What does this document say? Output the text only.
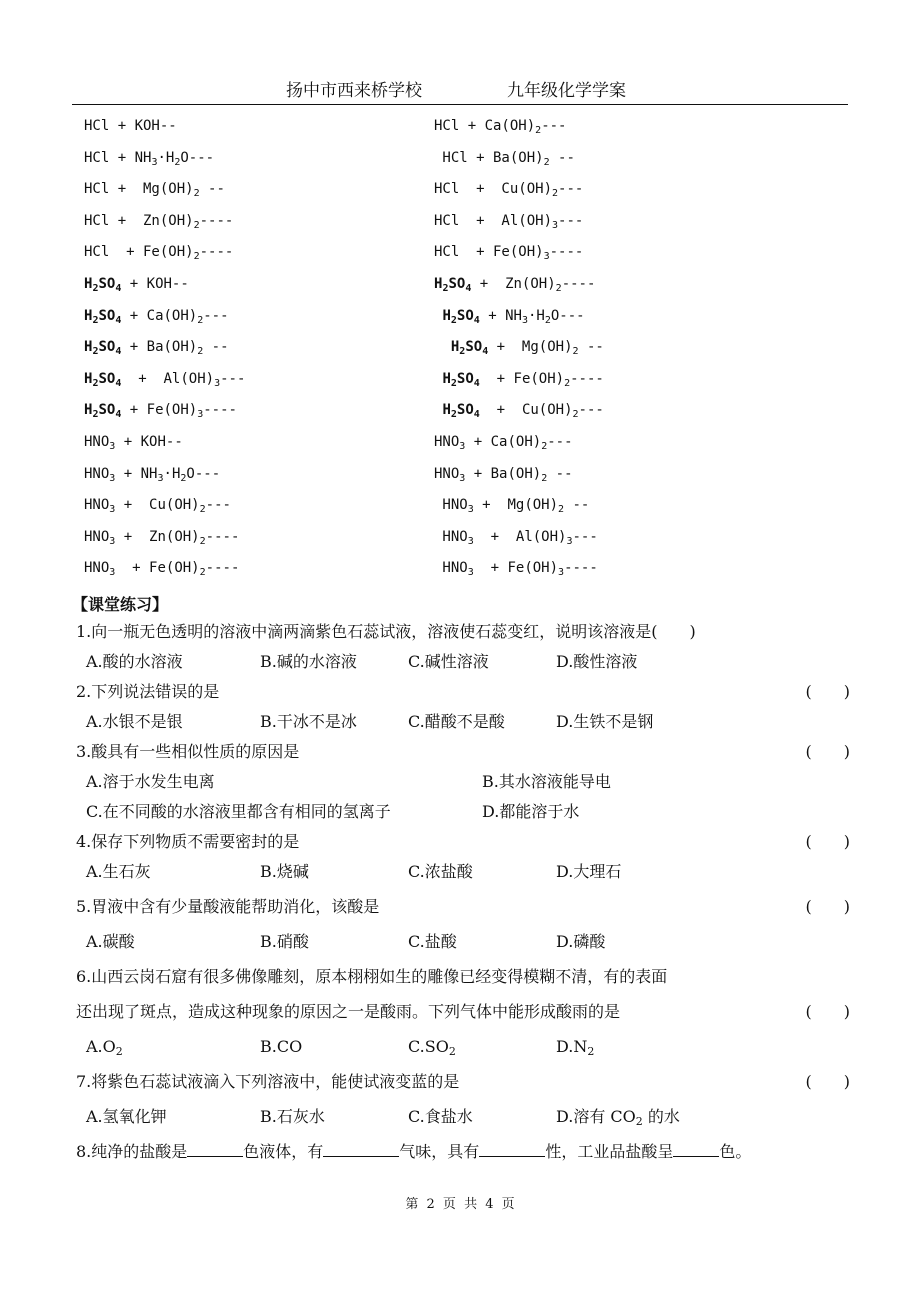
扬中市西来桥学校	九年级化学学案
HCl + KOH--	HCl + $Ca(OH)_2---$
HCl + $NH_3\cdot H_2O---$	HCl + $Ba(OH)_2$ --
HCl +  $Mg(OH)_2$ --	HCl  +  $Cu(OH)_2---$
HCl +  $Zn(OH)_2----$	HCl  +  $Al(OH)_3---$
HCl  + $Fe(OH)_2----$	HCl  + $Fe(OH)_3----$
$H_2SO_4 + KOH--$	$H_2SO_4 + Zn(OH)_2----$
$H_2SO_4 + Ca(OH)_2---$	$H_2SO_4 + NH_3\cdot H_2O---$
$H_2SO_4 + Ba(OH)_2$ --	$H_2SO_4 + Mg(OH)_2$ --
$H_2SO_4 + Al(OH)_3---$	$H_2SO_4 + Fe(OH)_2----$
$H_2SO_4 + Fe(OH)_3----$	$H_2SO_4 + Cu(OH)_2---$
$HNO_3 + KOH--$	$HNO_3 + Ca(OH)_2---$
$HNO_3 + NH_3\cdot H_2O---$	$HNO_3 + Ba(OH)_2$ --
$HNO_3 + Cu(OH)_2---$	$HNO_3 + Mg(OH)_2$ --
$HNO_3 + Zn(OH)_2----$	$HNO_3 + Al(OH)_3---$
$HNO_3 + Fe(OH)_2----$	$HNO_3 + Fe(OH)_3----$
【课堂练习】
1.向一瓶无色透明的溶液中滴两滴紫色石蕊试液，溶液使石蕊变红，说明该溶液是(　　)
A.酸的水溶液	B.碱的水溶液	C.碱性溶液	D.酸性溶液
2.下列说法错误的是	(　　)
A.水银不是银	B.干冰不是冰	C.醋酸不是酸	D.生铁不是钢
3.酸具有一些相似性质的原因是	(　　)
A.溶于水发生电离	B.其水溶液能导电
C.在不同酸的水溶液里都含有相同的氢离子	D.都能溶于水
4.保存下列物质不需要密封的是	(　　)
A.生石灰	B.烧碱	C.浓盐酸	D.大理石
5.胃液中含有少量酸液能帮助消化，该酸是	(　　)
A.碳酸	B.硝酸	C.盐酸	D.磷酸
6.山西云岗石窟有很多佛像雕刻，原本栩栩如生的雕像已经变得模糊不清，有的表面
还出现了斑点，造成这种现象的原因之一是酸雨。下列气体中能形成酸雨的是	(　　)
$A.O_2$	B.CO	$C.SO_2$	$D.N_2$
7.将紫色石蕊试液滴入下列溶液中，能使试液变蓝的是	(　　)
A.氢氧化钾	B.石灰水	C.食盐水	D.溶有 $CO_2$ 的水
8.纯净的盐酸是	色液体，有	气味，具有	性，工业品盐酸呈	色。
第 2 页 共 4 页
